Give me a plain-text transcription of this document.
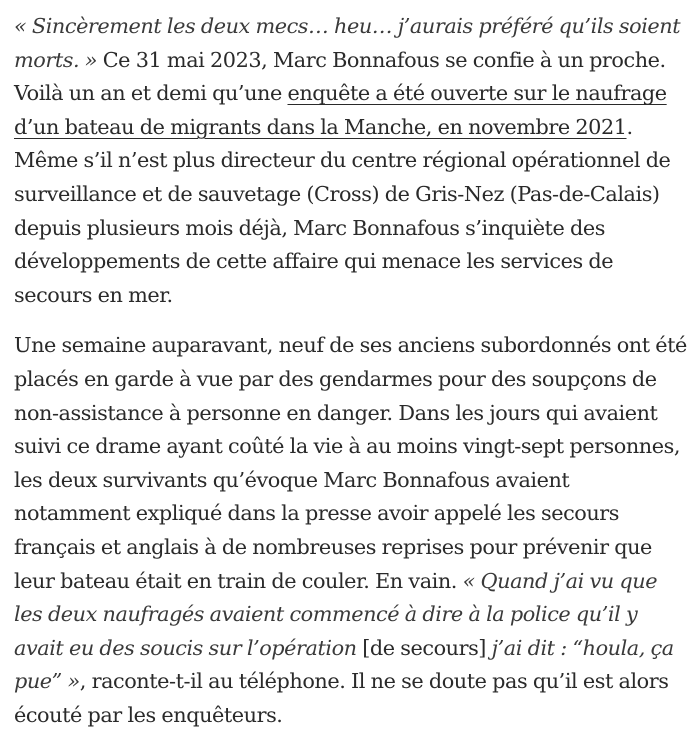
« Sincèrement les deux mecs… heu… j’aurais préféré qu’ils soient morts. » Ce 31 mai 2023, Marc Bonnafous se confie à un proche. Voilà un an et demi qu’une enquête a été ouverte sur le naufrage d’un bateau de migrants dans la Manche, en novembre 2021. Même s’il n’est plus directeur du centre régional opérationnel de surveillance et de sauvetage (Cross) de Gris-Nez (Pas-de-Calais) depuis plusieurs mois déjà, Marc Bonnafous s’inquiète des développements de cette affaire qui menace les services de secours en mer.

Une semaine auparavant, neuf de ses anciens subordonnés ont été placés en garde à vue par des gendarmes pour des soupçons de non-assistance à personne en danger. Dans les jours qui avaient suivi ce drame ayant coûté la vie à au moins vingt-sept personnes, les deux survivants qu’évoque Marc Bonnafous avaient notamment expliqué dans la presse avoir appelé les secours français et anglais à de nombreuses reprises pour prévenir que leur bateau était en train de couler. En vain. « Quand j’ai vu que les deux naufragés avaient commencé à dire à la police qu’il y avait eu des soucis sur l’opération [de secours] j’ai dit : “houla, ça pue” », raconte-t-il au téléphone. Il ne se doute pas qu’il est alors écouté par les enquêteurs.
